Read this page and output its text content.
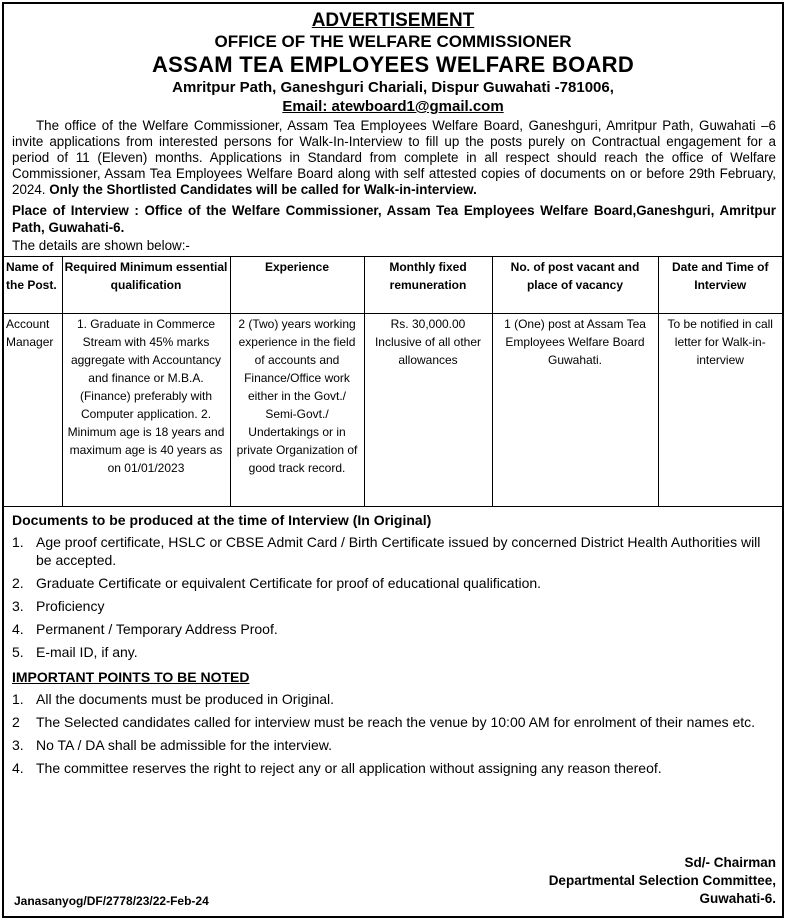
ADVERTISEMENT
OFFICE OF THE WELFARE COMMISSIONER
ASSAM TEA EMPLOYEES WELFARE BOARD
Amritpur Path, Ganeshguri Chariali, Dispur Guwahati -781006,
Email: atewboard1@gmail.com
The office of the Welfare Commissioner, Assam Tea Employees Welfare Board, Ganeshguri, Amritpur Path, Guwahati –6 invite applications from interested persons for Walk-In-Interview to fill up the posts purely on Contractual engagement for a period of 11 (Eleven) months. Applications in Standard from complete in all respect should reach the office of Welfare Commissioner, Assam Tea Employees Welfare Board along with self attested copies of documents on or before 29th February, 2024. Only the Shortlisted Candidates will be called for Walk-in-interview.
Place of Interview : Office of the Welfare Commissioner, Assam Tea Employees Welfare Board,Ganeshguri, Amritpur Path, Guwahati-6.
The details are shown below:-
Name of the Post.	Required Minimum essential qualification	Experience	Monthly fixed remuneration	No. of post vacant and place of vacancy	Date and Time of Interview
Account Manager	1. Graduate in Commerce Stream with 45% marks aggregate with Accountancy and finance or M.B.A. (Finance) preferably with Computer application. 2. Minimum age is 18 years and maximum age is 40 years as on 01/01/2023	2 (Two) years working experience in the field of accounts and Finance/Office work either in the Govt./ Semi-Govt./ Undertakings or in private Organization of good track record.	Rs. 30,000.00 Inclusive of all other allowances	1 (One) post at Assam Tea Employees Welfare Board Guwahati.	To be notified in call letter for Walk-in-interview
Documents to be produced at the time of Interview (In Original)
1. Age proof certificate, HSLC or CBSE Admit Card / Birth Certificate issued by concerned District Health Authorities will be accepted.
2. Graduate Certificate or equivalent Certificate for proof of educational qualification.
3. Proficiency
4. Permanent / Temporary Address Proof.
5. E-mail ID, if any.
IMPORTANT POINTS TO BE NOTED
1. All the documents must be produced in Original.
2	The Selected candidates called for interview must be reach the venue by 10:00 AM for enrolment of their names etc.
3. No TA / DA shall be admissible for the interview.
4. The committee reserves the right to reject any or all application without assigning any reason thereof.
Sd/- Chairman
Departmental Selection Committee,
Guwahati-6.
Janasanyog/DF/2778/23/22-Feb-24
